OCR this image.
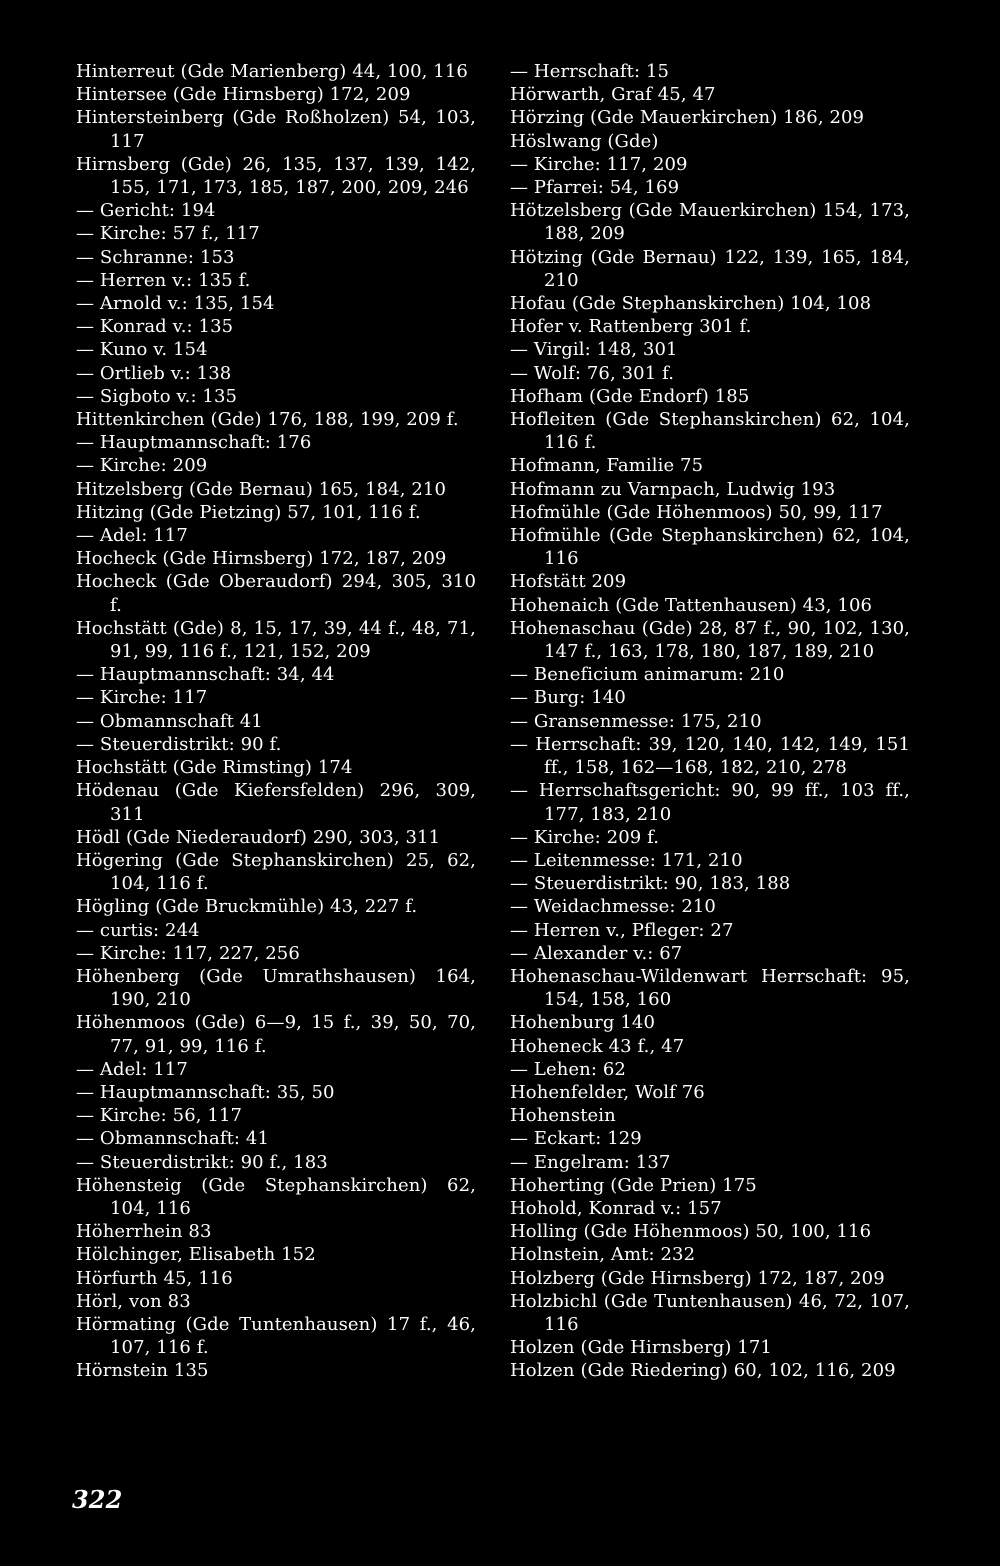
Hinterreut (Gde Marienberg) 44, 100, 116

Hintersee (Gde Hirnsberg) 172, 209

Hintersteinberg (Gde Roßholzen) 54, 103, 117

Hirnsberg (Gde) 26, 135, 137, 139, 142, 155, 171, 173, 185, 187, 200, 209, 246

— Gericht: 194

— Kirche: 57 f., 117

— Schranne: 153

— Herren v.: 135 f.

— Arnold v.: 135, 154

— Konrad v.: 135

— Kuno v. 154

— Ortlieb v.: 138

— Sigboto v.: 135

Hittenkirchen (Gde) 176, 188, 199, 209 f.

— Hauptmannschaft: 176

— Kirche: 209

Hitzelsberg (Gde Bernau) 165, 184, 210

Hitzing (Gde Pietzing) 57, 101, 116 f.

— Adel: 117

Hocheck (Gde Hirnsberg) 172, 187, 209

Hocheck (Gde Oberaudorf) 294, 305, 310 f.

Hochstätt (Gde) 8, 15, 17, 39, 44 f., 48, 71, 91, 99, 116 f., 121, 152, 209

— Hauptmannschaft: 34, 44

— Kirche: 117

— Obmannschaft 41

— Steuerdistrikt: 90 f.

Hochstätt (Gde Rimsting) 174

Hödenau (Gde Kiefersfelden) 296, 309, 311

Hödl (Gde Niederaudorf) 290, 303, 311

Högering (Gde Stephanskirchen) 25, 62, 104, 116 f.

Högling (Gde Bruckmühle) 43, 227 f.

— curtis: 244

— Kirche: 117, 227, 256

Höhenberg (Gde Umrathshausen) 164, 190, 210

Höhenmoos (Gde) 6—9, 15 f., 39, 50, 70, 77, 91, 99, 116 f.

— Adel: 117

— Hauptmannschaft: 35, 50

— Kirche: 56, 117

— Obmannschaft: 41

— Steuerdistrikt: 90 f., 183

Höhensteig (Gde Stephanskirchen) 62, 104, 116

Höherrhein 83

Hölchinger, Elisabeth 152

Hörfurth 45, 116

Hörl, von 83

Hörmating (Gde Tuntenhausen) 17 f., 46, 107, 116 f.

Hörnstein 135

— Herrschaft: 15

Hörwarth, Graf 45, 47

Hörzing (Gde Mauerkirchen) 186, 209

Höslwang (Gde)

— Kirche: 117, 209

— Pfarrei: 54, 169

Hötzelsberg (Gde Mauerkirchen) 154, 173, 188, 209

Hötzing (Gde Bernau) 122, 139, 165, 184, 210

Hofau (Gde Stephanskirchen) 104, 108

Hofer v. Rattenberg 301 f.

— Virgil: 148, 301

— Wolf: 76, 301 f.

Hofham (Gde Endorf) 185

Hofleiten (Gde Stephanskirchen) 62, 104, 116 f.

Hofmann, Familie 75

Hofmann zu Varnpach, Ludwig 193

Hofmühle (Gde Höhenmoos) 50, 99, 117

Hofmühle (Gde Stephanskirchen) 62, 104, 116

Hofstätt 209

Hohenaich (Gde Tattenhausen) 43, 106

Hohenaschau (Gde) 28, 87 f., 90, 102, 130, 147 f., 163, 178, 180, 187, 189, 210

— Beneficium animarum: 210

— Burg: 140

— Gransenmesse: 175, 210

— Herrschaft: 39, 120, 140, 142, 149, 151 ff., 158, 162—168, 182, 210, 278

— Herrschaftsgericht: 90, 99 ff., 103 ff., 177, 183, 210

— Kirche: 209 f.

— Leitenmesse: 171, 210

— Steuerdistrikt: 90, 183, 188

— Weidachmesse: 210

— Herren v., Pfleger: 27

— Alexander v.: 67

Hohenaschau-Wildenwart Herrschaft: 95, 154, 158, 160

Hohenburg 140

Hoheneck 43 f., 47

— Lehen: 62

Hohenfelder, Wolf 76

Hohenstein

— Eckart: 129

— Engelram: 137

Hoherting (Gde Prien) 175

Hohold, Konrad v.: 157

Holling (Gde Höhenmoos) 50, 100, 116

Holnstein, Amt: 232

Holzberg (Gde Hirnsberg) 172, 187, 209

Holzbichl (Gde Tuntenhausen) 46, 72, 107, 116

Holzen (Gde Hirnsberg) 171

Holzen (Gde Riedering) 60, 102, 116, 209

322
